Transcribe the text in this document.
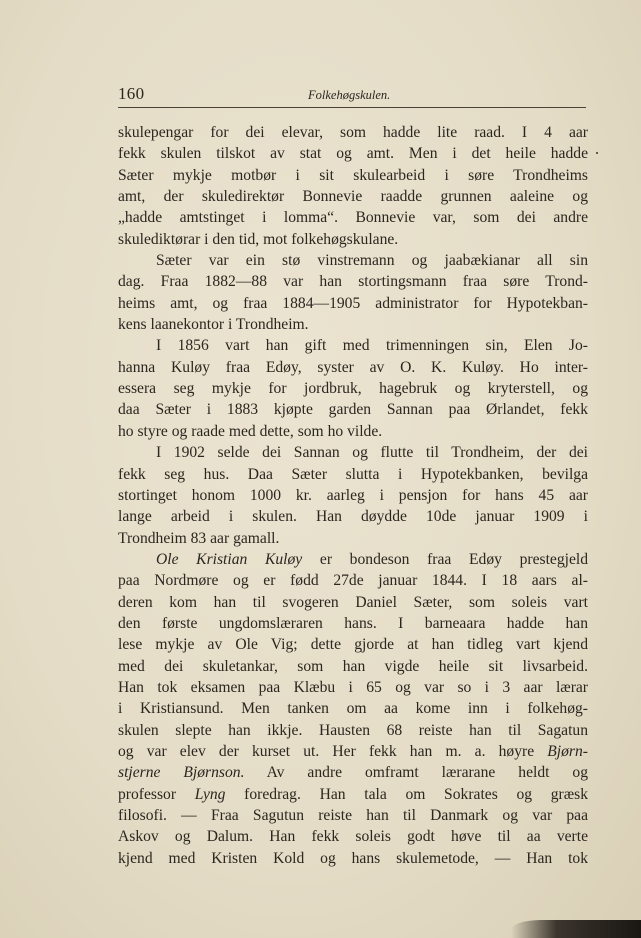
160	Folkehøgskulen.
skulepengar for dei elevar, som hadde lite raad. I 4 aar
fekk skulen tilskot av stat og amt. Men i det heile hadde
Sæter mykje motbør i sit skulearbeid i søre Trondheims
amt, der skuledirektør Bonnevie raadde grunnen aaleine og
„hadde amtstinget i lomma“. Bonnevie var, som dei andre
skulediktørar i den tid, mot folkehøgskulane.
Sæter var ein stø vinstremann og jaabækianar all sin
dag. Fraa 1882—88 var han stortingsmann fraa søre Trond-
heims amt, og fraa 1884—1905 administrator for Hypotekban-
kens laanekontor i Trondheim.
I 1856 vart han gift med trimenningen sin, Elen Jo-
hanna Kuløy fraa Edøy, syster av O. K. Kuløy. Ho inter-
essera seg mykje for jordbruk, hagebruk og kryterstell, og
daa Sæter i 1883 kjøpte garden Sannan paa Ørlandet, fekk
ho styre og raade med dette, som ho vilde.
I 1902 selde dei Sannan og flutte til Trondheim, der dei
fekk seg hus. Daa Sæter slutta i Hypotekbanken, bevilga
stortinget honom 1000 kr. aarleg i pensjon for hans 45 aar
lange arbeid i skulen. Han døydde 10de januar 1909 i
Trondheim 83 aar gamall.
Ole Kristian Kuløy er bondeson fraa Edøy prestegjeld
paa Nordmøre og er fødd 27de januar 1844. I 18 aars al-
deren kom han til svogeren Daniel Sæter, som soleis vart
den første ungdomslæraren hans. I barneaara hadde han
lese mykje av Ole Vig; dette gjorde at han tidleg vart kjend
med dei skuletankar, som han vigde heile sit livsarbeid.
Han tok eksamen paa Klæbu i 65 og var so i 3 aar lærar
i Kristiansund. Men tanken om aa kome inn i folkehøg-
skulen slepte han ikkje. Hausten 68 reiste han til Sagatun
og var elev der kurset ut. Her fekk han m. a. høyre Bjørn-
stjerne Bjørnson. Av andre omframt lærarane heldt og
professor Lyng foredrag. Han tala om Sokrates og græsk
filosofi. — Fraa Sagutun reiste han til Danmark og var paa
Askov og Dalum. Han fekk soleis godt høve til aa verte
kjend med Kristen Kold og hans skulemetode, — Han tok
